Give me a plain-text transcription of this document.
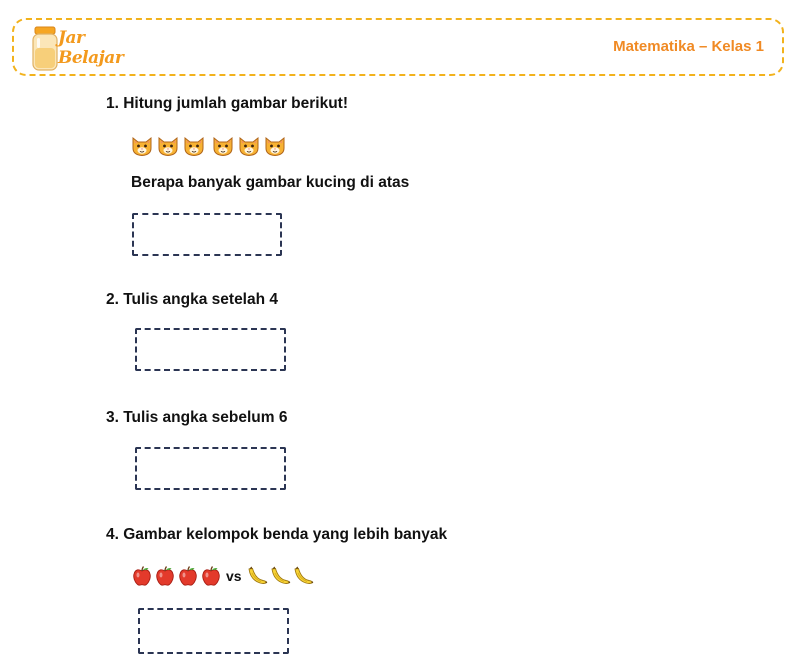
Jar
Belajar
Matematika – Kelas 1
1. Hitung jumlah gambar berikut!
Berapa banyak gambar kucing di atas
2. Tulis angka setelah 4
3. Tulis angka sebelum 6
4. Gambar kelompok benda yang lebih banyak
vs
